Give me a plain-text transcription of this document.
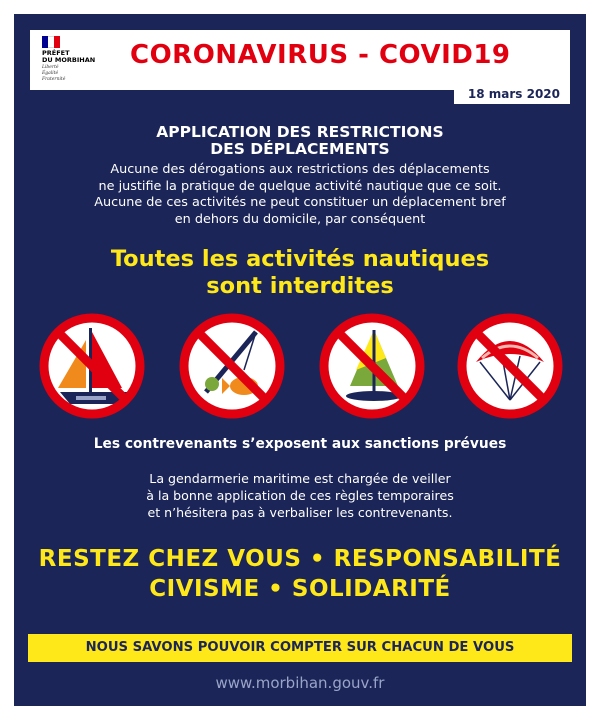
PRÉFET
DU MORBIHAN
Liberté
Égalité
Fraternité
CORONAVIRUS - COVID19
18 mars 2020
APPLICATION DES RESTRICTIONS
DES DÉPLACEMENTS
Aucune des dérogations aux restrictions des déplacements
ne justifie la pratique de quelque activité nautique que ce soit.
Aucune de ces activités ne peut constituer un déplacement bref
en dehors du domicile, par conséquent
Toutes les activités nautiques
sont interdites
Les contrevenants s’exposent aux sanctions prévues
La gendarmerie maritime est chargée de veiller
à la bonne application de ces règles temporaires
et n’hésitera pas à verbaliser les contrevenants.
RESTEZ CHEZ VOUS • RESPONSABILITÉ
CIVISME • SOLIDARITÉ
NOUS SAVONS POUVOIR COMPTER SUR CHACUN DE VOUS
www.morbihan.gouv.fr
